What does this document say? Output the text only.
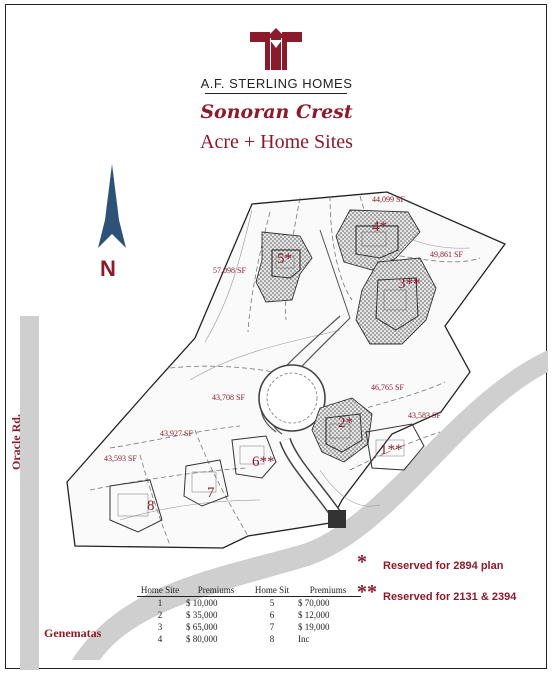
A.F. STERLING HOMES
Sonoran Crest
Acre + Home Sites
N
44,099 SF
49,861 SF
57,098 SF
46,765 SF
43,583 SF
43,708 SF
43,927 SF
43,593 SF
4*
5*
3**
2*
1**
6**
7
8
Oracle Rd.
Genematas
* Reserved for 2894 plan
** Reserved for 2131 & 2394
Home Site	Premiums	Home Sit	Premiums
1	$ 10,000	5	$ 70,000
2	$ 35,000	6	$ 12,000
3	$ 65,000	7	$ 19,000
4	$ 80,000	8	Inc
